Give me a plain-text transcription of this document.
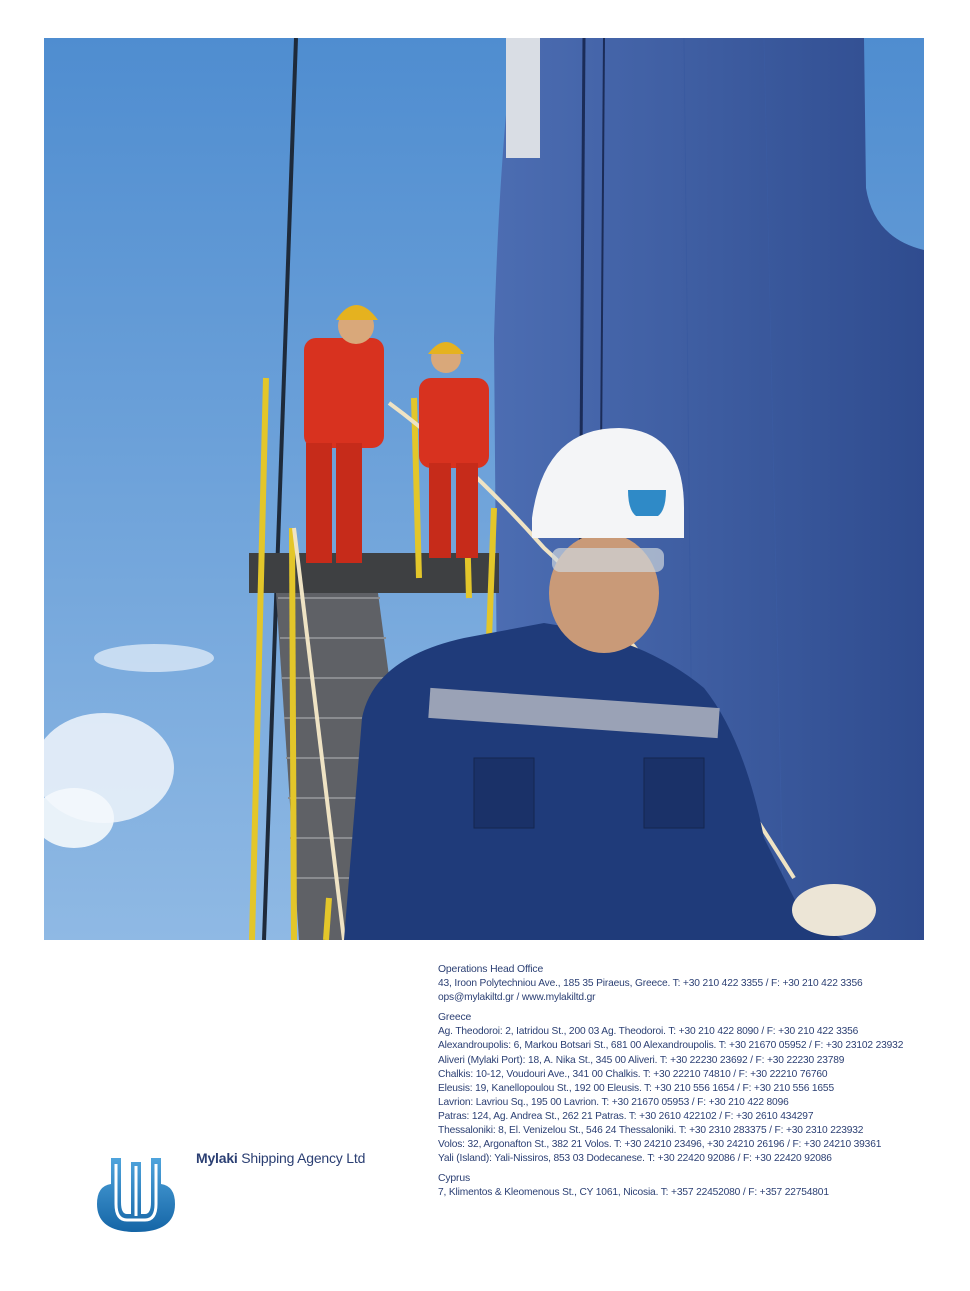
Operations Head Office
43, Iroon Polytechniou Ave., 185 35 Piraeus, Greece. T: +30 210 422 3355 / F: +30 210 422 3356
ops@mylakiltd.gr / www.mylakiltd.gr
Greece
Ag. Theodoroi: 2, Iatridou St., 200 03 Ag. Theodoroi. T: +30 210 422 8090 / F: +30 210 422 3356
Alexandroupolis: 6, Markou Botsari St., 681 00 Alexandroupolis. T: +30 21670 05952 / F: +30 23102 23932
Aliveri (Mylaki Port): 18, A. Nika St., 345 00 Aliveri. T: +30 22230 23692 / F: +30 22230 23789
Chalkis: 10-12, Voudouri Ave., 341 00 Chalkis. T: +30 22210 74810 / F: +30 22210 76760
Eleusis: 19, Kanellopoulou St., 192 00 Eleusis. T: +30 210 556 1654 / F: +30 210 556 1655
Lavrion: Lavriou Sq., 195 00 Lavrion. T: +30 21670 05953 / F: +30 210 422 8096
Patras: 124, Ag. Andrea St., 262 21 Patras. T: +30 2610 422102 / F: +30 2610 434297
Thessaloniki: 8, El. Venizelou St., 546 24 Thessaloniki. T: +30 2310 283375 / F: +30 2310 223932
Volos: 32, Argonafton St., 382 21 Volos. T: +30 24210 23496, +30 24210 26196 / F: +30 24210 39361
Yali (Island): Yali-Nissiros, 853 03 Dodecanese. T: +30 22420 92086 / F: +30 22420 92086
Cyprus
7, Klimentos & Kleomenous St., CY 1061, Nicosia. T: +357 22452080 / F: +357 22754801
Mylaki Shipping Agency Ltd
